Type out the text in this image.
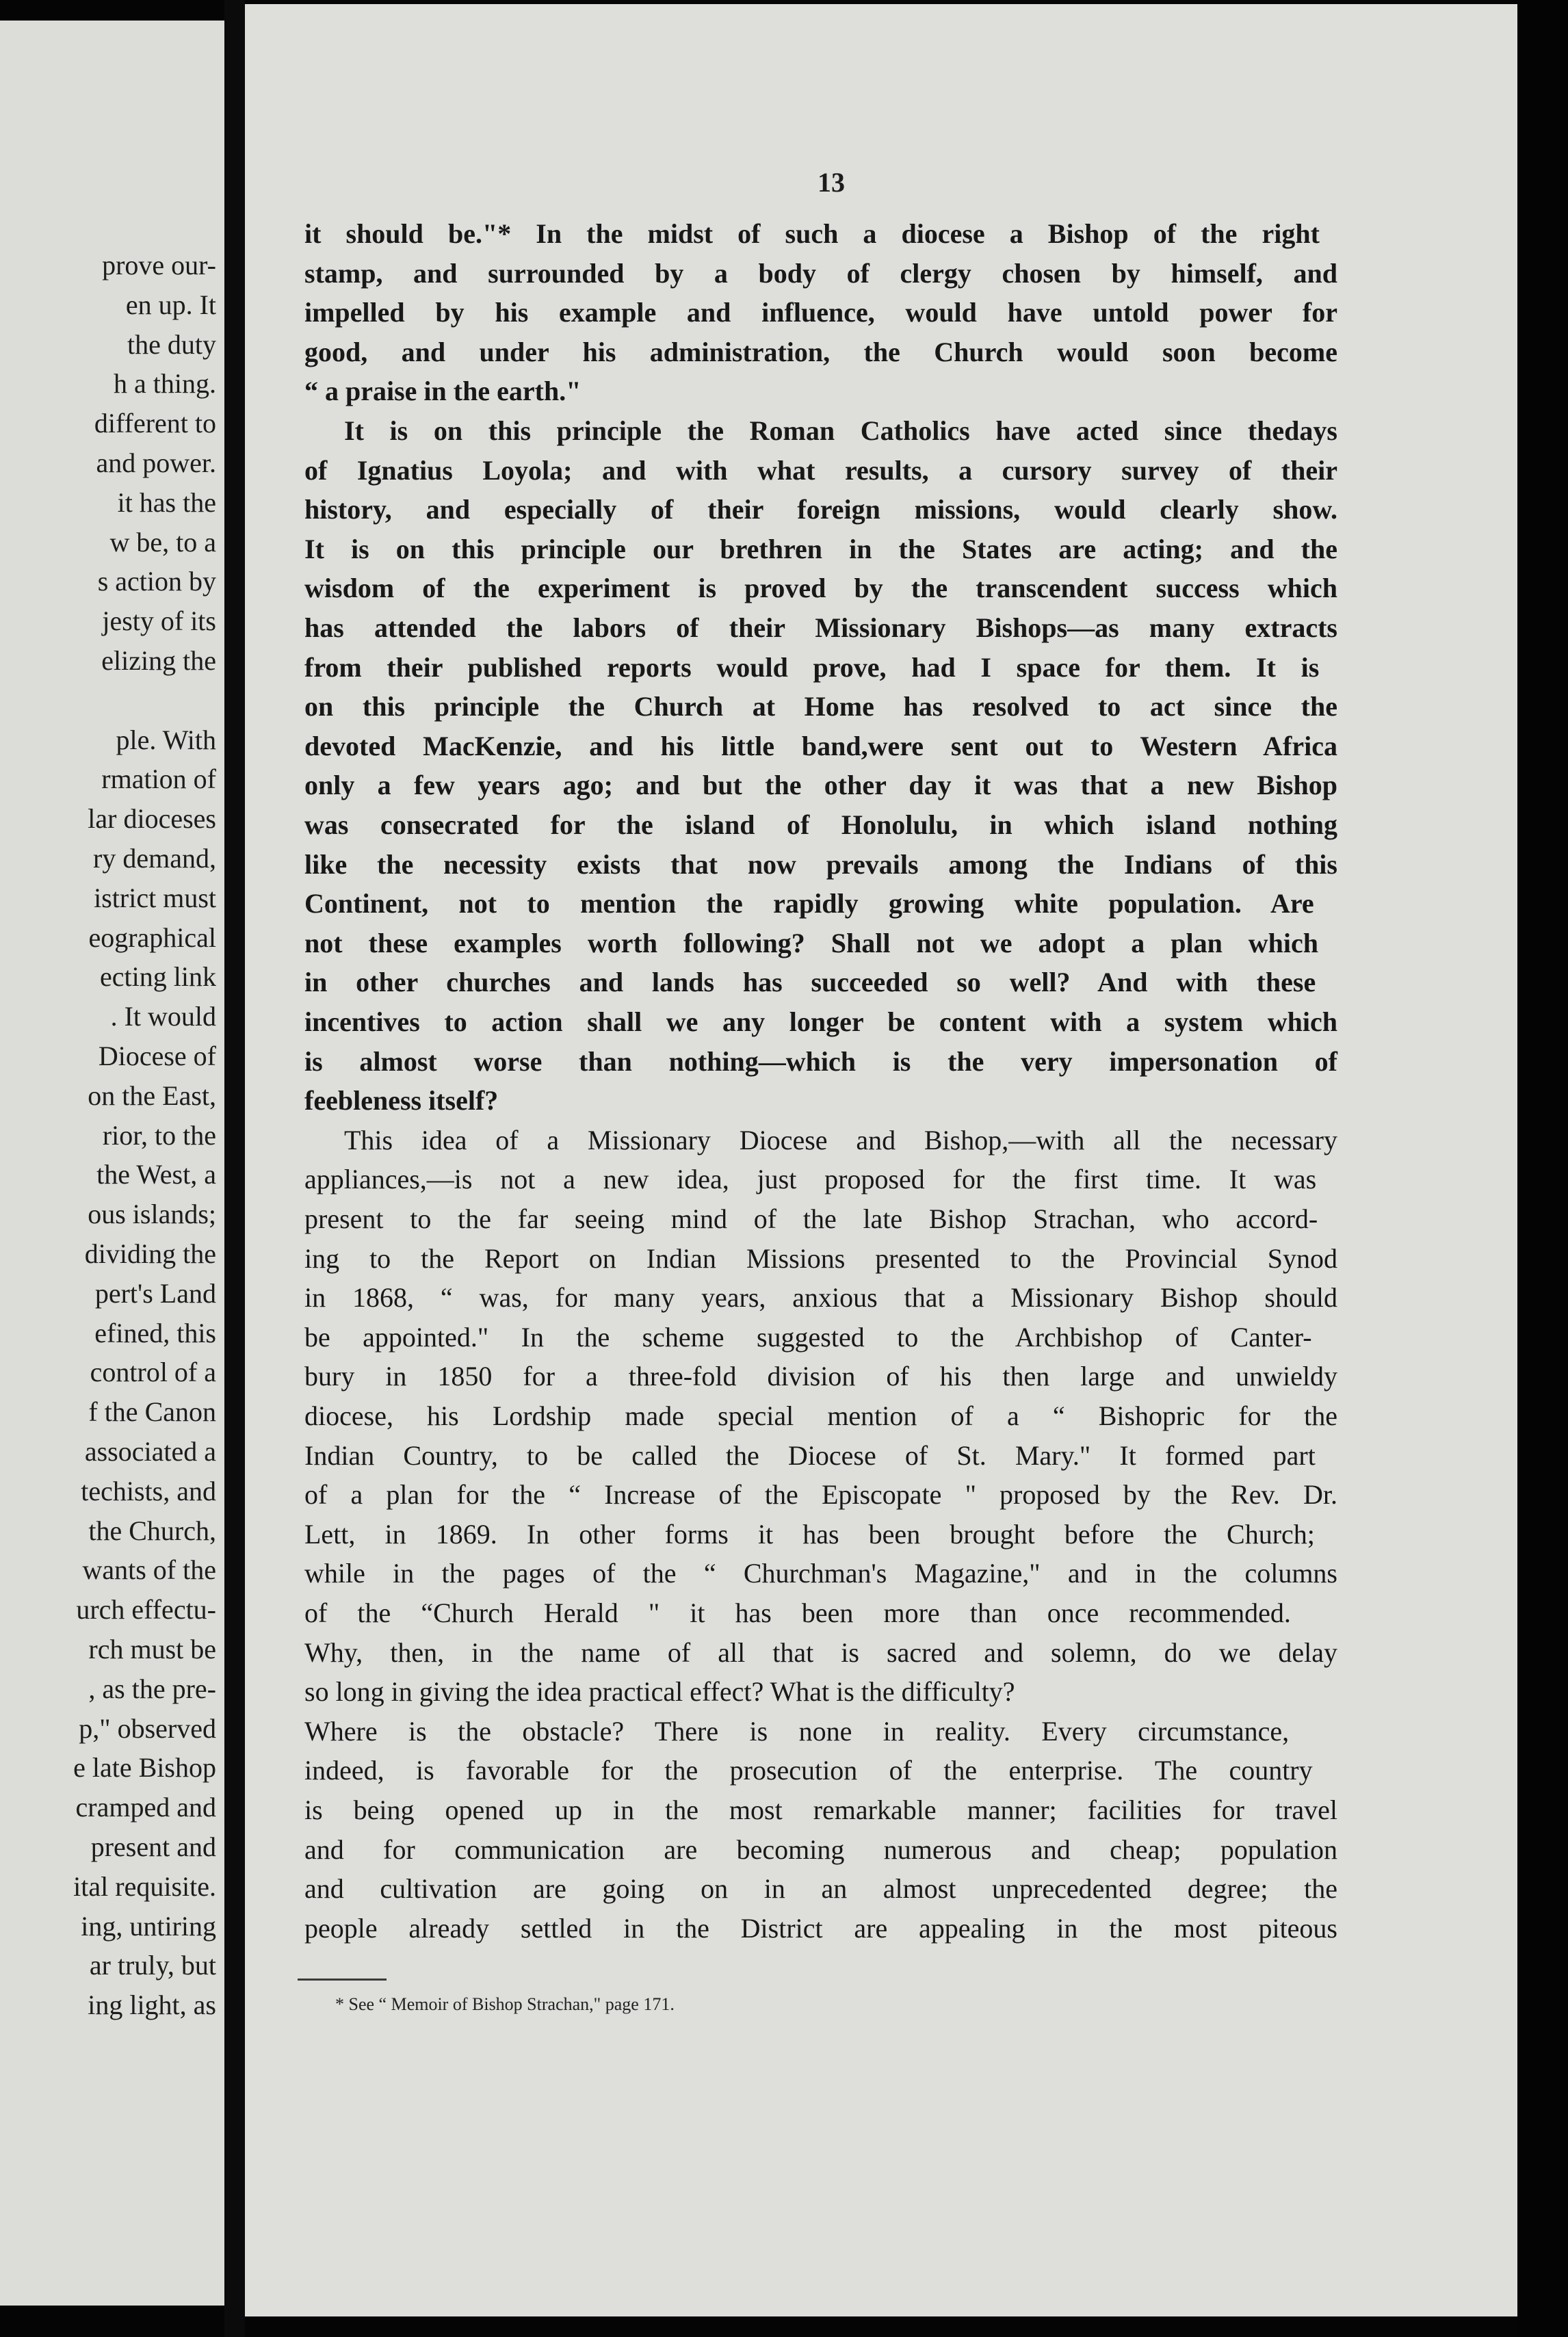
prove our-
en up. It
the duty
h a thing.
different to
and power.
it has the
w be, to a
s action by
jesty of its
elizing the
ple. With
rmation of
lar dioceses
ry demand,
istrict must
eographical
ecting link
. It would
Diocese of
on the East,
rior, to the
the West, a
ous islands;
dividing the
pert's Land
efined, this
control of a
f the Canon
associated a
techists, and
the Church,
wants of the
urch effectu-
rch must be
, as the pre-
p," observed
e late Bishop
cramped and
present and
ital requisite.
ing, untiring
ar truly, but
ing light, as
13
it should be."* In the midst of such a diocese a Bishop of the right
stamp, and surrounded by a body of clergy chosen by himself, and
impelled by his example and influence, would have untold power for
good, and under his administration, the Church would soon become
“ a praise in the earth."
It is on this principle the Roman Catholics have acted since thedays
of Ignatius Loyola; and with what results, a cursory survey of their
history, and especially of their foreign missions, would clearly show.
It is on this principle our brethren in the States are acting; and the
wisdom of the experiment is proved by the transcendent success which
has attended the labors of their Missionary Bishops—as many extracts
from their published reports would prove, had I space for them. It is
on this principle the Church at Home has resolved to act since the
devoted MacKenzie, and his little band,were sent out to Western Africa
only a few years ago; and but the other day it was that a new Bishop
was consecrated for the island of Honolulu, in which island nothing
like the necessity exists that now prevails among the Indians of this
Continent, not to mention the rapidly growing white population. Are
not these examples worth following? Shall not we adopt a plan which
in other churches and lands has succeeded so well? And with these
incentives to action shall we any longer be content with a system which
is almost worse than nothing—which is the very impersonation of
feebleness itself?
This idea of a Missionary Diocese and Bishop,—with all the necessary
appliances,—is not a new idea, just proposed for the first time. It was
present to the far seeing mind of the late Bishop Strachan, who accord-
ing to the Report on Indian Missions presented to the Provincial Synod
in 1868, “ was, for many years, anxious that a Missionary Bishop should
be appointed." In the scheme suggested to the Archbishop of Canter-
bury in 1850 for a three-fold division of his then large and unwieldy
diocese, his Lordship made special mention of a “ Bishopric for the
Indian Country, to be called the Diocese of St. Mary." It formed part
of a plan for the “ Increase of the Episcopate " proposed by the Rev. Dr.
Lett, in 1869. In other forms it has been brought before the Church;
while in the pages of the “ Churchman's Magazine," and in the columns
of the “Church Herald " it has been more than once recommended.
Why, then, in the name of all that is sacred and solemn, do we delay
so long in giving the idea practical effect? What is the difficulty?
Where is the obstacle? There is none in reality. Every circumstance,
indeed, is favorable for the prosecution of the enterprise. The country
is being opened up in the most remarkable manner; facilities for travel
and for communication are becoming numerous and cheap; population
and cultivation are going on in an almost unprecedented degree; the
people already settled in the District are appealing in the most piteous
* See “ Memoir of Bishop Strachan," page 171.
